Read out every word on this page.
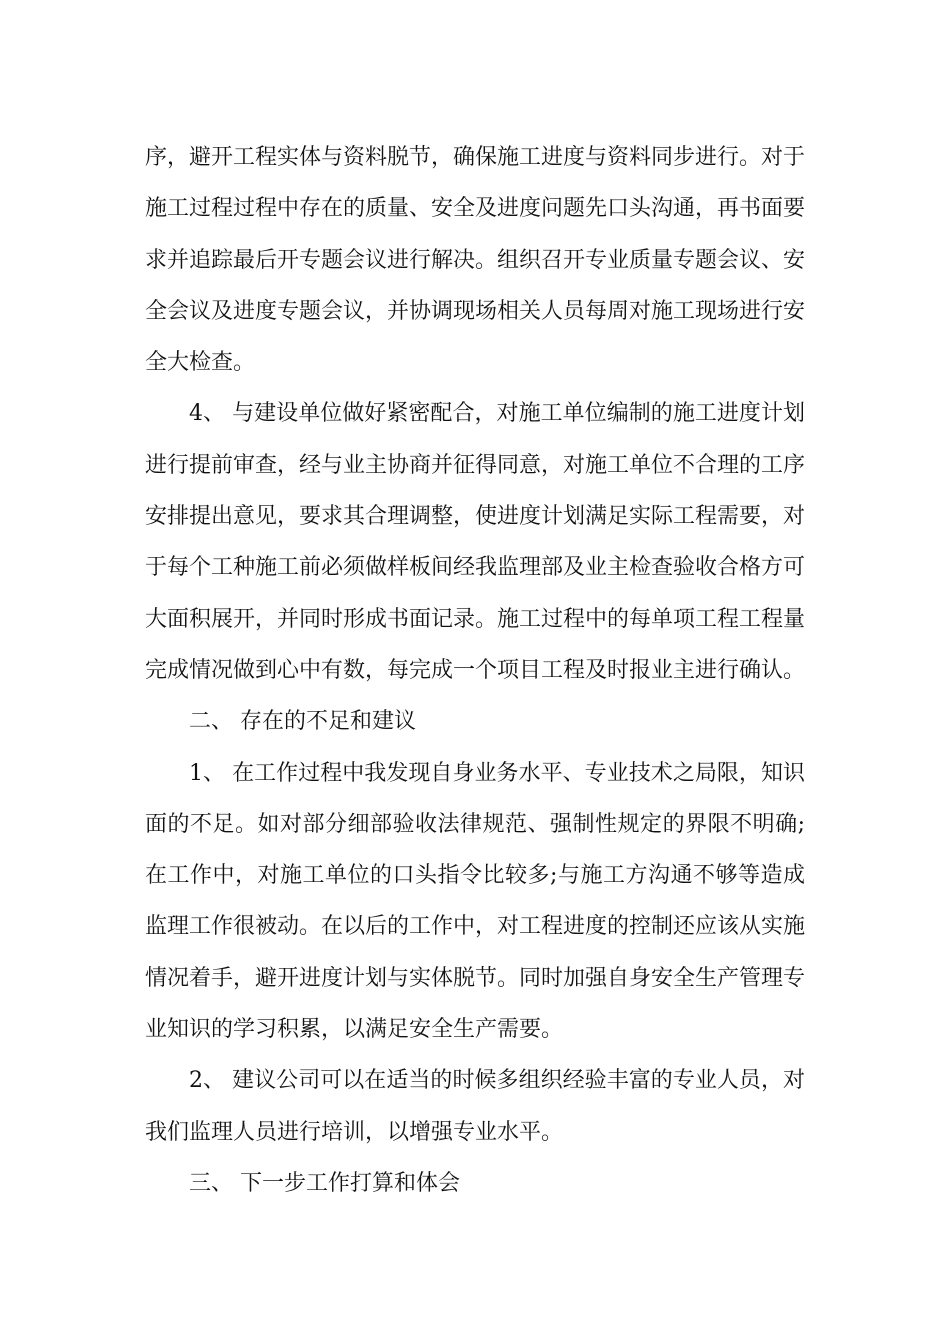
序，避开工程实体与资料脱节，确保施工进度与资料同步进行。对于施工过程过程中存在的质量、安全及进度问题先口头沟通，再书面要求并追踪最后开专题会议进行解决。组织召开专业质量专题会议、安全会议及进度专题会议，并协调现场相关人员每周对施工现场进行安全大检查。

4、 与建设单位做好紧密配合，对施工单位编制的施工进度计划进行提前审查，经与业主协商并征得同意，对施工单位不合理的工序安排提出意见，要求其合理调整，使进度计划满足实际工程需要，对于每个工种施工前必须做样板间经我监理部及业主检查验收合格方可大面积展开，并同时形成书面记录。施工过程中的每单项工程工程量完成情况做到心中有数，每完成一个项目工程及时报业主进行确认。

二、 存在的不足和建议

1、 在工作过程中我发现自身业务水平、专业技术之局限，知识面的不足。如对部分细部验收法律规范、强制性规定的界限不明确;在工作中，对施工单位的口头指令比较多;与施工方沟通不够等造成监理工作很被动。在以后的工作中，对工程进度的控制还应该从实施情况着手，避开进度计划与实体脱节。同时加强自身安全生产管理专业知识的学习积累，以满足安全生产需要。

2、 建议公司可以在适当的时候多组织经验丰富的专业人员，对我们监理人员进行培训，以增强专业水平。

三、 下一步工作打算和体会
